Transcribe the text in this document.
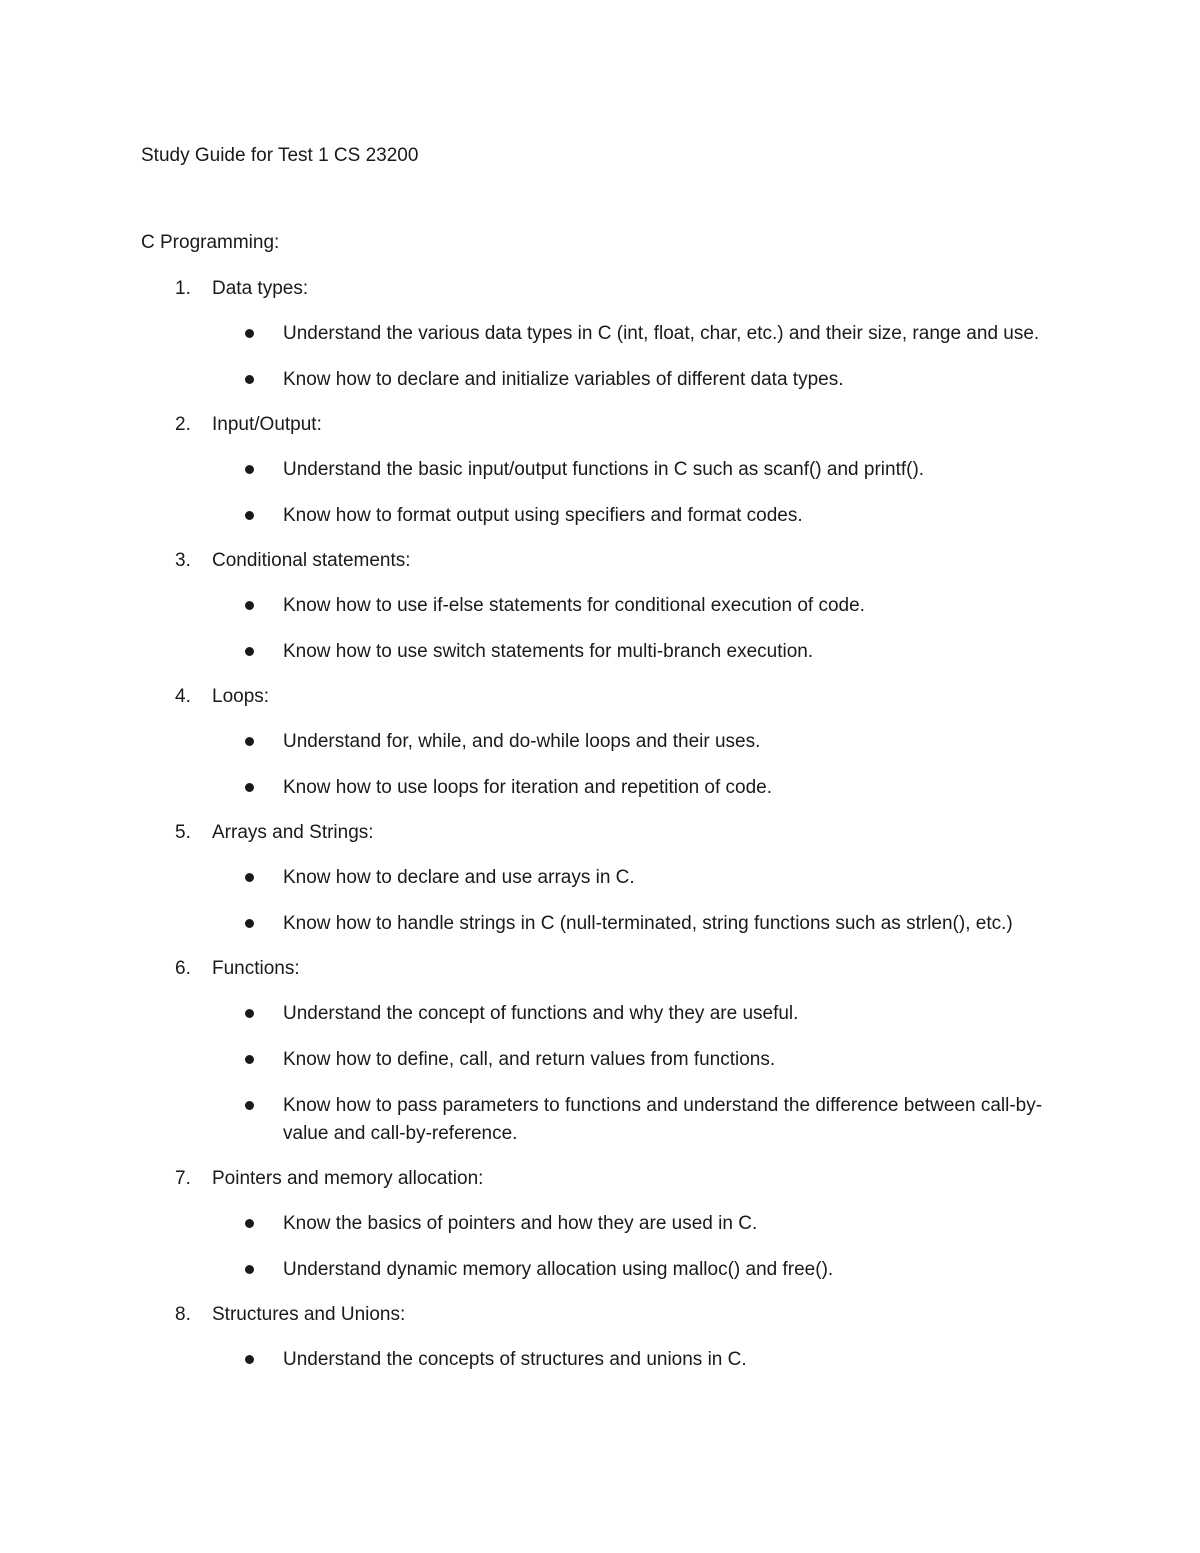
Study Guide for Test 1 CS 23200
C Programming:
1. Data types:
Understand the various data types in C (int, float, char, etc.) and their size, range and use.
Know how to declare and initialize variables of different data types.
2. Input/Output:
Understand the basic input/output functions in C such as scanf() and printf().
Know how to format output using specifiers and format codes.
3. Conditional statements:
Know how to use if-else statements for conditional execution of code.
Know how to use switch statements for multi-branch execution.
4. Loops:
Understand for, while, and do-while loops and their uses.
Know how to use loops for iteration and repetition of code.
5. Arrays and Strings:
Know how to declare and use arrays in C.
Know how to handle strings in C (null-terminated, string functions such as strlen(), etc.)
6. Functions:
Understand the concept of functions and why they are useful.
Know how to define, call, and return values from functions.
Know how to pass parameters to functions and understand the difference between call-by-value and call-by-reference.
7. Pointers and memory allocation:
Know the basics of pointers and how they are used in C.
Understand dynamic memory allocation using malloc() and free().
8. Structures and Unions:
Understand the concepts of structures and unions in C.
